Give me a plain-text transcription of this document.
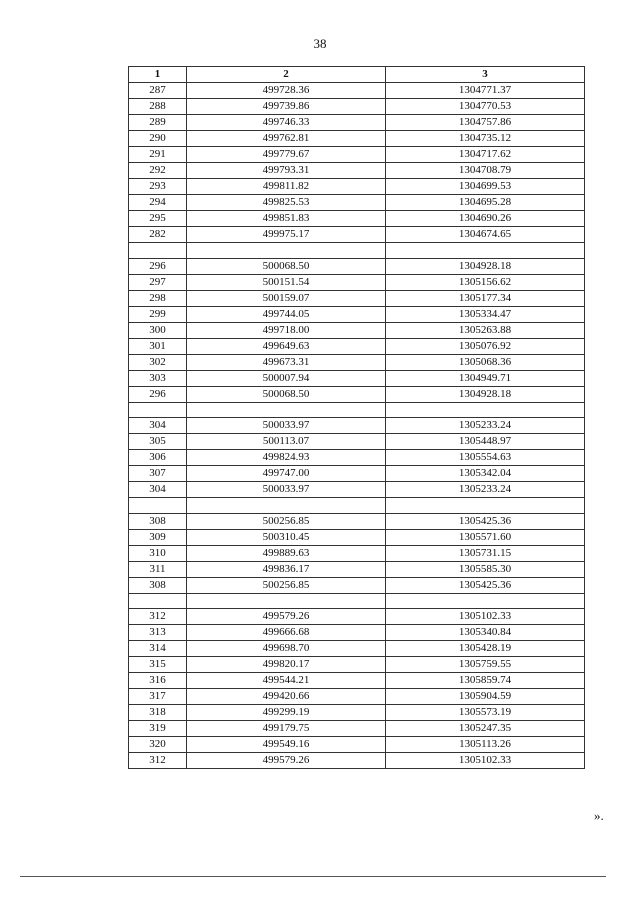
38
1	2	3
287	499728.36	1304771.37
288	499739.86	1304770.53
289	499746.33	1304757.86
290	499762.81	1304735.12
291	499779.67	1304717.62
292	499793.31	1304708.79
293	499811.82	1304699.53
294	499825.53	1304695.28
295	499851.83	1304690.26
282	499975.17	1304674.65

296	500068.50	1304928.18
297	500151.54	1305156.62
298	500159.07	1305177.34
299	499744.05	1305334.47
300	499718.00	1305263.88
301	499649.63	1305076.92
302	499673.31	1305068.36
303	500007.94	1304949.71
296	500068.50	1304928.18

304	500033.97	1305233.24
305	500113.07	1305448.97
306	499824.93	1305554.63
307	499747.00	1305342.04
304	500033.97	1305233.24

308	500256.85	1305425.36
309	500310.45	1305571.60
310	499889.63	1305731.15
311	499836.17	1305585.30
308	500256.85	1305425.36

312	499579.26	1305102.33
313	499666.68	1305340.84
314	499698.70	1305428.19
315	499820.17	1305759.55
316	499544.21	1305859.74
317	499420.66	1305904.59
318	499299.19	1305573.19
319	499179.75	1305247.35
320	499549.16	1305113.26
312	499579.26	1305102.33
».
